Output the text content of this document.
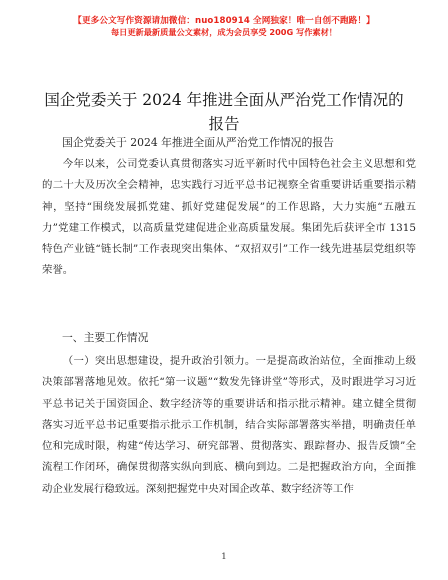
【更多公文写作资源请加微信：nuo180914 全网独家！唯一自创不跑路！】
每日更新最新质量公文素材，成为会员享受 200G 写作素材！
国企党委关于 2024 年推进全面从严治党工作情况的报告
国企党委关于 2024 年推进全面从严治党工作情况的报告

今年以来，公司党委认真贯彻落实习近平新时代中国特色社会主义思想和党的二十大及历次全会精神，忠实践行习近平总书记视察全省重要讲话重要指示精神，坚持“围绕发展抓党建、抓好党建促发展”的工作思路，大力实施“五融五力”党建工作模式，以高质量党建促进企业高质量发展。集团先后获评全市 1315 特色产业链“链长制”工作表现突出集体、“双招双引”工作一线先进基层党组织等荣誉。

一、主要工作情况

（一）突出思想建设，提升政治引领力。一是提高政治站位，全面推动上级决策部署落地见效。依托“第一议题”“数发先锋讲堂”等形式，及时跟进学习习近平总书记关于国资国企、数字经济等的重要讲话和指示批示精神。建立健全贯彻落实习近平总书记重要指示批示工作机制，结合实际部署落实举措，明确责任单位和完成时限，构建“传达学习、研究部署、贯彻落实、跟踪督办、报告反馈”全流程工作闭环，确保贯彻落实纵向到底、横向到边。二是把握政治方向，全面推动企业发展行稳致远。深刻把握党中央对国企改革、数字经济等工作

1
